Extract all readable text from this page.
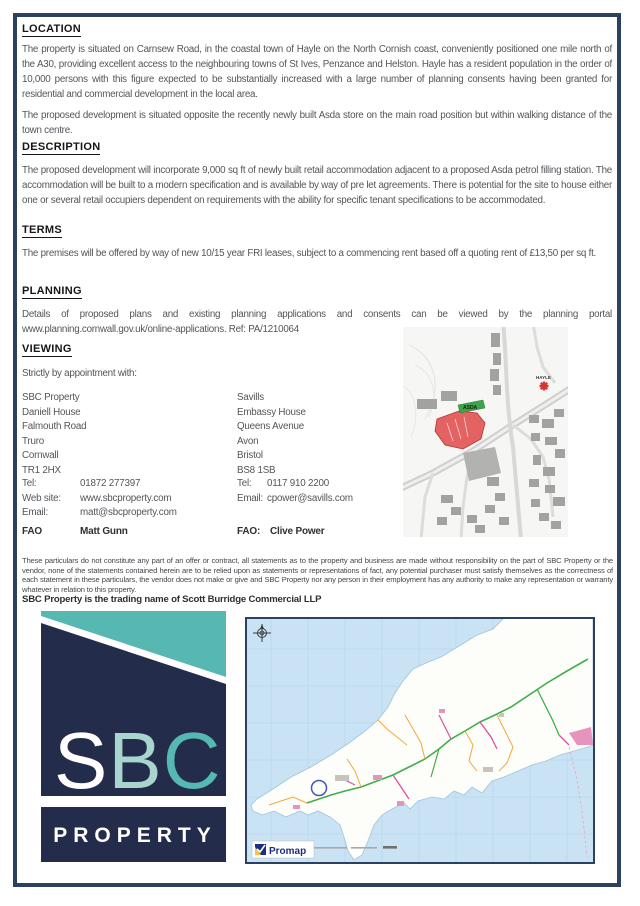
LOCATION
The property is situated on Carnsew Road, in the coastal town of Hayle on the North Cornish coast, conveniently positioned one mile north of the A30, providing excellent access to the neighbouring towns of St Ives, Penzance and Helston. Hayle has a resident population in the order of 10,000 persons with this figure expected to be substantially increased with a large number of planning consents having been granted for residential and commercial development in the local area.
The proposed development is situated opposite the recently newly built Asda store on the main road position but within walking distance of the town centre.
DESCRIPTION
The proposed development will incorporate 9,000 sq ft of newly built retail accommodation adjacent to a proposed Asda petrol filling station. The accommodation will be built to a modern specification and is available by way of pre let agreements. There is potential for the site to house either one or several retail occupiers dependent on requirements with the ability for specific tenant specifications to be accommodated.
TERMS
The premises will be offered by way of new 10/15 year FRI leases, subject to a commencing rent based off a quoting rent of £13,50 per sq ft.
PLANNING
Details of proposed plans and existing planning applications and consents can be viewed by the planning portal www.planning.cornwall.gov.uk/online-applications. Ref: PA/1210064
VIEWING
Strictly by appointment with:
SBC Property
Daniell House
Falmouth Road
Truro
Cornwall
TR1 2HX
Tel:	01872 277397
Web site: www.sbcproperty.com
Email:	matt@sbcproperty.com
FAO	Matt Gunn
Savills
Embassy House
Queens Avenue
Avon
Bristol
BS8 1SB
Tel: 0117 910 2200
Email: cpower@savills.com
FAO: Clive Power
ASDA
HAYLE
These particulars do not constitute any part of an offer or contract, all statements as to the property and business are made without responsibility on the part of SBC Property or the vendor, none of the statements contained herein are to be relied upon as statements or representations of fact, any potential purchaser must satisfy themselves as the correctness of each statement in these particulars, the vendor does not make or give and SBC Property nor any person in their employment has any authority to make any representation or warranty whatever in relation to this property.
SBC Property is the trading name of Scott Burridge Commercial LLP
SBC
PROPERTY
Promap
